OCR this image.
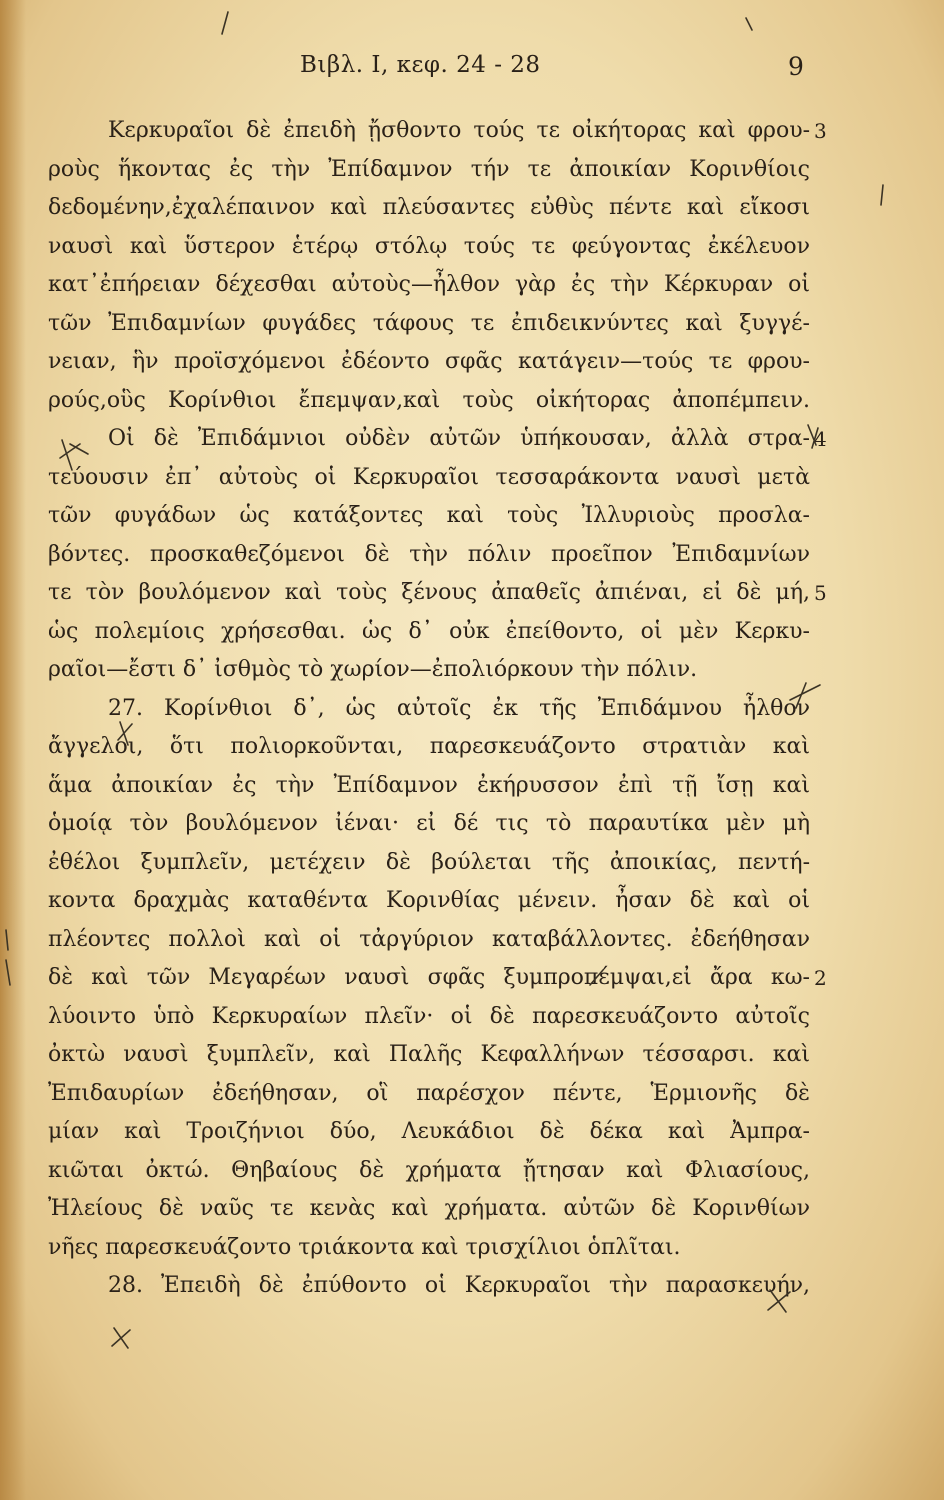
Βιβλ. Ι, κεφ. 24 - 28	9
Κερκυραῖοι δὲ ἐπειδὴ ᾔσθοντο τούς τε οἰκήτορας καὶ φρου-
ροὺς ἥκοντας ἐς τὴν Ἐπίδαμνον τήν τε ἀποικίαν Κορινθίοις
δεδομένην,ἐχαλέπαινον καὶ πλεύσαντες εὐθὺς πέντε καὶ εἴκοσι
ναυσὶ καὶ ὕστερον ἑτέρῳ στόλῳ τούς τε φεύγοντας ἐκέλευον
κατ᾽ἐπήρειαν δέχεσθαι αὐτοὺς—ἦλθον γὰρ ἐς τὴν Κέρκυραν οἱ
τῶν Ἐπιδαμνίων φυγάδες τάφους τε ἐπιδεικνύντες καὶ ξυγγέ-
νειαν, ἣν προϊσχόμενοι ἐδέοντο σφᾶς κατάγειν—τούς τε φρου-
ρούς,οὓς Κορίνθιοι ἔπεμψαν,καὶ τοὺς οἰκήτορας ἀποπέμπειν.
Οἱ δὲ Ἐπιδάμνιοι οὐδὲν αὐτῶν ὑπήκουσαν, ἀλλὰ στρα-
τεύουσιν ἐπ᾽ αὐτοὺς οἱ Κερκυραῖοι τεσσαράκοντα ναυσὶ μετὰ
τῶν φυγάδων ὡς κατάξοντες καὶ τοὺς Ἰλλυριοὺς προσλα-
βόντες. προσκαθεζόμενοι δὲ τὴν πόλιν προεῖπον Ἐπιδαμνίων
τε τὸν βουλόμενον καὶ τοὺς ξένους ἀπαθεῖς ἀπιέναι, εἰ δὲ μή,
ὡς πολεμίοις χρήσεσθαι. ὡς δ᾽ οὐκ ἐπείθοντο, οἱ μὲν Κερκυ-
ραῖοι—ἔστι δ᾽ ἰσθμὸς τὸ χωρίον—ἐπολιόρκουν τὴν πόλιν.
27. Κορίνθιοι δ᾽, ὡς αὐτοῖς ἐκ τῆς Ἐπιδάμνου ἦλθον
ἄγγελοι, ὅτι πολιορκοῦνται, παρεσκευάζοντο στρατιὰν καὶ
ἅμα ἀποικίαν ἐς τὴν Ἐπίδαμνον ἐκήρυσσον ἐπὶ τῇ ἴσῃ καὶ
ὁμοίᾳ τὸν βουλόμενον ἰέναι· εἰ δέ τις τὸ παραυτίκα μὲν μὴ
ἐθέλοι ξυμπλεῖν, μετέχειν δὲ βούλεται τῆς ἀποικίας, πεντή-
κοντα δραχμὰς καταθέντα Κορινθίας μένειν. ἦσαν δὲ καὶ οἱ
πλέοντες πολλοὶ καὶ οἱ τἀργύριον καταβάλλοντες. ἐδεήθησαν
δὲ καὶ τῶν Μεγαρέων ναυσὶ σφᾶς ξυμπροπέμψαι,εἰ ἄρα κω-
λύοιντο ὑπὸ Κερκυραίων πλεῖν· οἱ δὲ παρεσκευάζοντο αὐτοῖς
ὀκτὼ ναυσὶ ξυμπλεῖν, καὶ Παλῆς Κεφαλλήνων τέσσαρσι. καὶ
Ἐπιδαυρίων ἐδεήθησαν, οἳ παρέσχον πέντε, Ἑρμιονῆς δὲ
μίαν καὶ Τροιζήνιοι δύο, Λευκάδιοι δὲ δέκα καὶ Ἀμπρα-
κιῶται ὀκτώ. Θηβαίους δὲ χρήματα ᾔτησαν καὶ Φλιασίους,
Ἠλείους δὲ ναῦς τε κενὰς καὶ χρήματα. αὐτῶν δὲ Κορινθίων
νῆες παρεσκευάζοντο τριάκοντα καὶ τρισχίλιοι ὁπλῖται.
28. Ἐπειδὴ δὲ ἐπύθοντο οἱ Κερκυραῖοι τὴν παρασκευήν,
3
4
5
2
